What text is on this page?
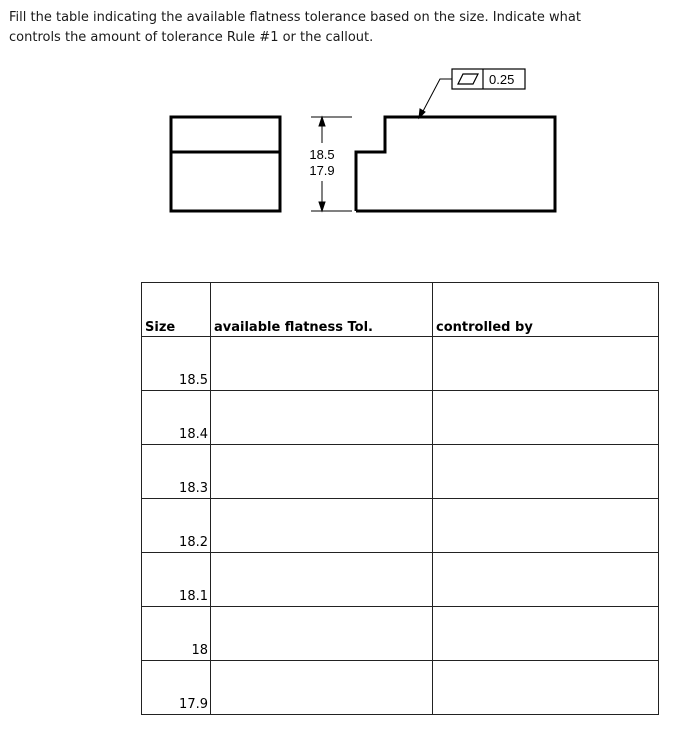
Fill the table indicating the available flatness tolerance based on the size. Indicate what controls the amount of tolerance Rule #1 or the callout.

18.5
17.9
0.25
Size	available flatness Tol.	controlled by
18.5		
18.4		
18.3		
18.2		
18.1		
18		
17.9		
